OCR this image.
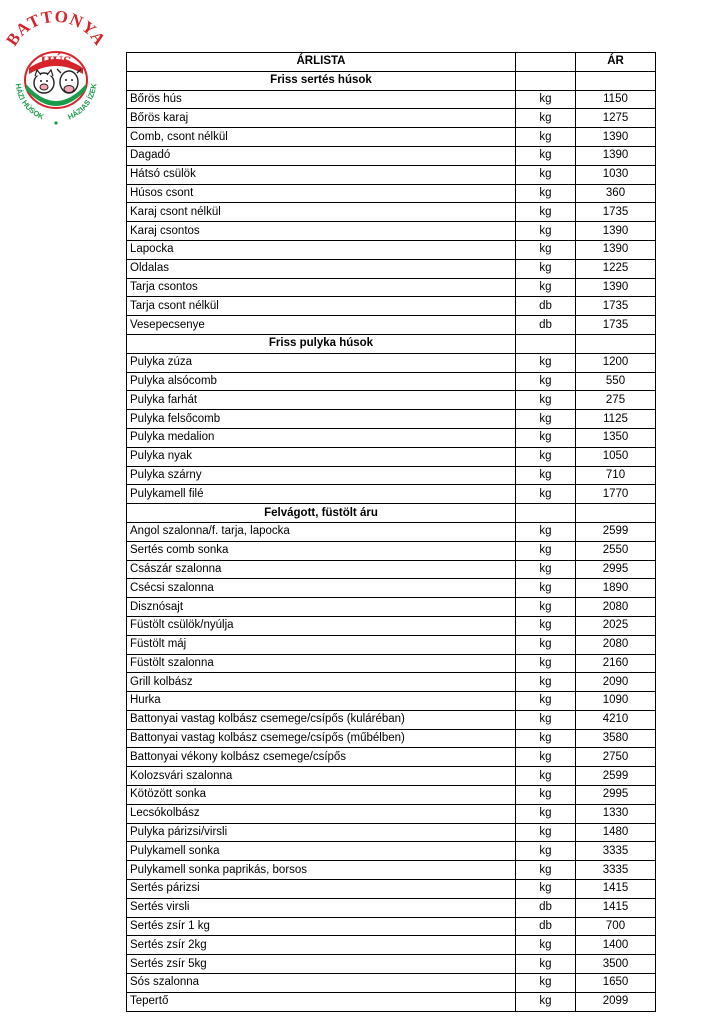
BATTONYA
HÚS
HÁZI HÚSOK	HÁZIAS ÍZEK
ÁRLISTA		ÁR
Friss sertés húsok		
Bőrös hús	kg	1150
Bőrös karaj	kg	1275
Comb, csont nélkül	kg	1390
Dagadó	kg	1390
Hátsó csülök	kg	1030
Húsos csont	kg	360
Karaj csont nélkül	kg	1735
Karaj csontos	kg	1390
Lapocka	kg	1390
Oldalas	kg	1225
Tarja csontos	kg	1390
Tarja csont nélkül	db	1735
Vesepecsenye	db	1735
Friss pulyka húsok		
Pulyka zúza	kg	1200
Pulyka alsócomb	kg	550
Pulyka farhát	kg	275
Pulyka felsőcomb	kg	1125
Pulyka medalion	kg	1350
Pulyka nyak	kg	1050
Pulyka szárny	kg	710
Pulykamell filé	kg	1770
Felvágott, füstölt áru		
Angol szalonna/f. tarja, lapocka	kg	2599
Sertés comb sonka	kg	2550
Császár szalonna	kg	2995
Csécsi szalonna	kg	1890
Disznósajt	kg	2080
Füstölt csülök/nyúlja	kg	2025
Füstölt máj	kg	2080
Füstölt szalonna	kg	2160
Grill kolbász	kg	2090
Hurka	kg	1090
Battonyai vastag kolbász csemege/csípős (kuláréban)	kg	4210
Battonyai vastag kolbász csemege/csípős (műbélben)	kg	3580
Battonyai vékony kolbász csemege/csípős	kg	2750
Kolozsvári szalonna	kg	2599
Kötözött sonka	kg	2995
Lecsókolbász	kg	1330
Pulyka párizsi/virsli	kg	1480
Pulykamell sonka	kg	3335
Pulykamell sonka paprikás, borsos	kg	3335
Sertés párizsi	kg	1415
Sertés virsli	db	1415
Sertés zsír 1 kg	db	700
Sertés zsír 2kg	kg	1400
Sertés zsír 5kg	kg	3500
Sós szalonna	kg	1650
Tepertő	kg	2099
